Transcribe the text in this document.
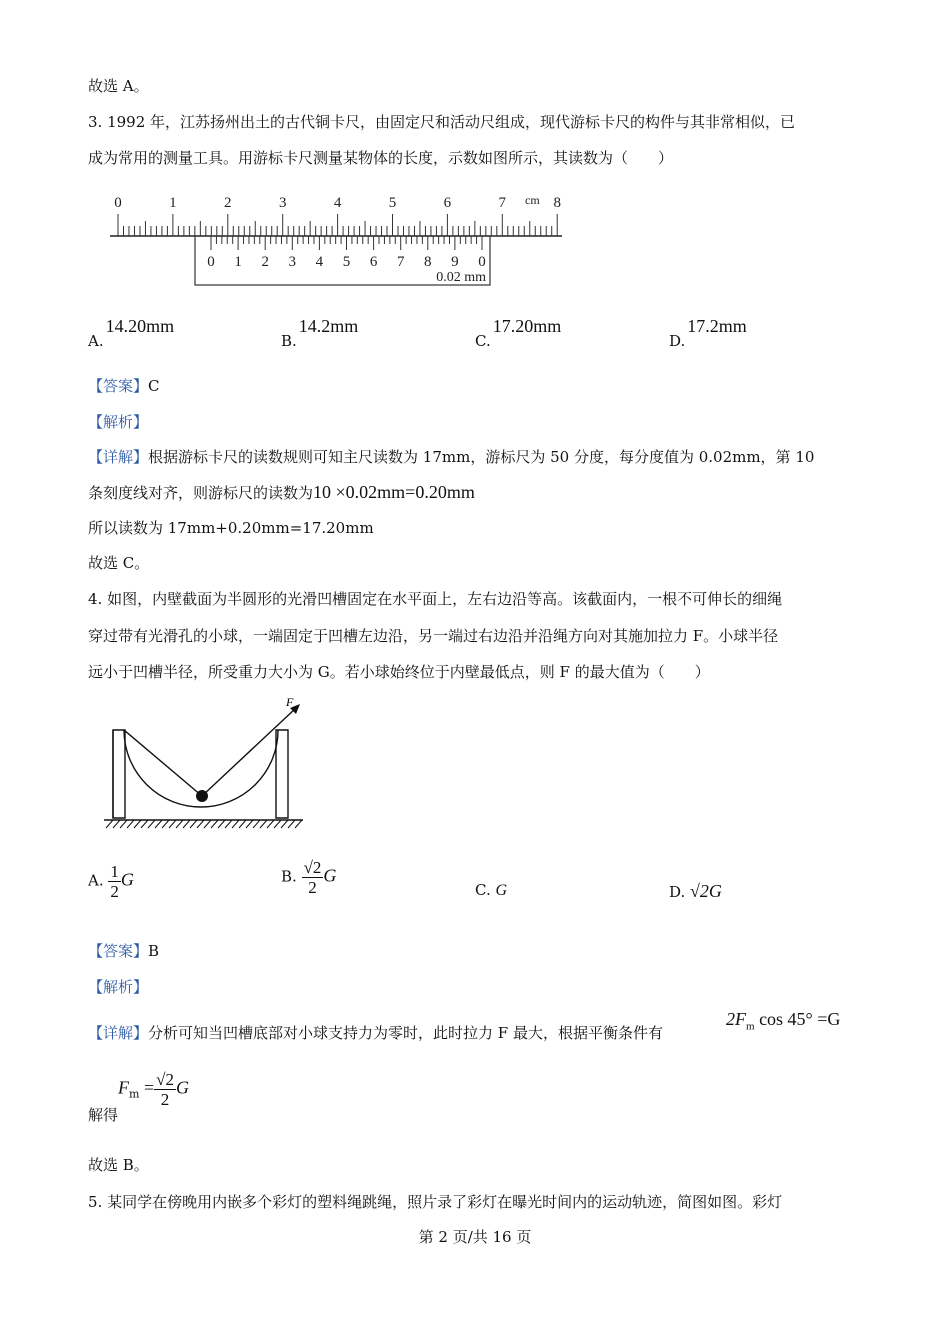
故选 A。
3. 1992 年，江苏扬州出土的古代铜卡尺，由固定尺和活动尺组成，现代游标卡尺的构件与其非常相似，已
成为常用的测量工具。用游标卡尺测量某物体的长度，示数如图所示，其读数为（　　）
0	1	2	3	4	5	6	7	8
cm
0 1 2 3 4 5 6 7 8 9 0
0.02 mm
A.14.20mm
B.14.2mm
C.17.20mm
D.17.2mm
【答案】C
【解析】
【详解】根据游标卡尺的读数规则可知主尺读数为 17mm，游标尺为 50 分度，每分度值为 0.02mm，第 10
条刻度线对齐，则游标尺的读数为10 ×0.02mm=0.20mm
所以读数为 17mm+0.20mm=17.20mm
故选 C。
4. 如图，内壁截面为半圆形的光滑凹槽固定在水平面上，左右边沿等高。该截面内，一根不可伸长的细绳
穿过带有光滑孔的小球，一端固定于凹槽左边沿，另一端过右边沿并沿绳方向对其施加拉力 F。小球半径
远小于凹槽半径，所受重力大小为 G。若小球始终位于内壁最低点，则 F 的最大值为（　　）
F
A. $\frac{1}{2}$ G	B. $\frac{√2}{2}$ G
C. G	D. √2G
【答案】B
【解析】
【详解】分析可知当凹槽底部对小球支持力为零时，此时拉力 F 最大，根据平衡条件有
$2F_m$ cos 45° =G
解得$F_m = \frac{√2}{2}$ G
故选 B。
5. 某同学在傍晚用内嵌多个彩灯的塑料绳跳绳，照片录了彩灯在曝光时间内的运动轨迹，简图如图。彩灯
第 2 页/共 16 页
